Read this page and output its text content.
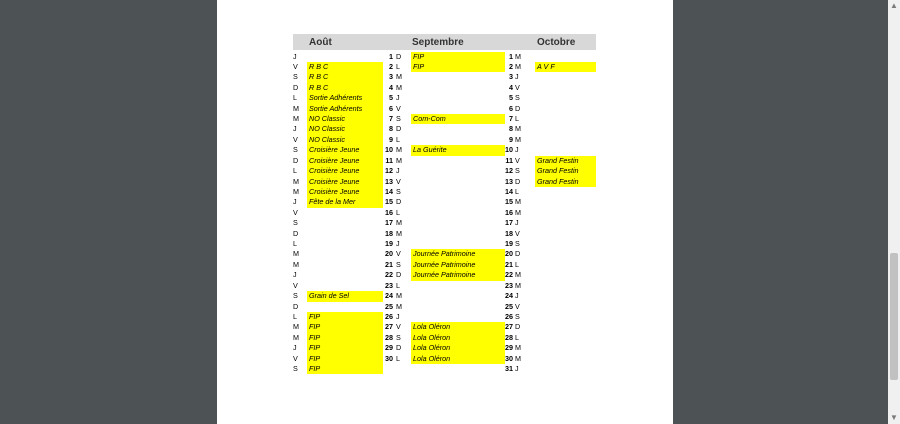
Août	Septembre	Octobre
J	1 D	FIP	1 M
V	R B C	2 L	FIP	2 M	A V F
S	R B C	3 M	3 J
D	R B C	4 M	4 V
L	Sortie Adhérents	5 J	5 S
M	Sortie Adhérents	6 V	6 D
M	NO Classic	7 S	Com-Com	7 L
J	NO Classic	8 D	8 M
V	NO Classic	9 L	9 M
S	Croisière Jeune	10 M	La Guérite	10 J
D	Croisière Jeune	11 M	11 V	Grand Festin
L	Croisière Jeune	12 J	12 S	Grand Festin
M	Croisière Jeune	13 V	13 D	Grand Festin
M	Croisière Jeune	14 S	14 L
J	Fête de la Mer	15 D	15 M
V	16 L	16 M
S	17 M	17 J
D	18 M	18 V
L	19 J	19 S
M	20 V	Journée Patrimoine	20 D
M	21 S	Journée Patrimoine	21 L
J	22 D	Journée Patrimoine	22 M
V	23 L	23 M
S	Grain de Sel	24 M	24 J
D	25 M	25 V
L	FIP	26 J	26 S
M	FIP	27 V	Lola Oléron	27 D
M	FIP	28 S	Lola Oléron	28 L
J	FIP	29 D	Lola Oléron	29 M
V	FIP	30 L	Lola Oléron	30 M
S	FIP	31 J
▲
▼
